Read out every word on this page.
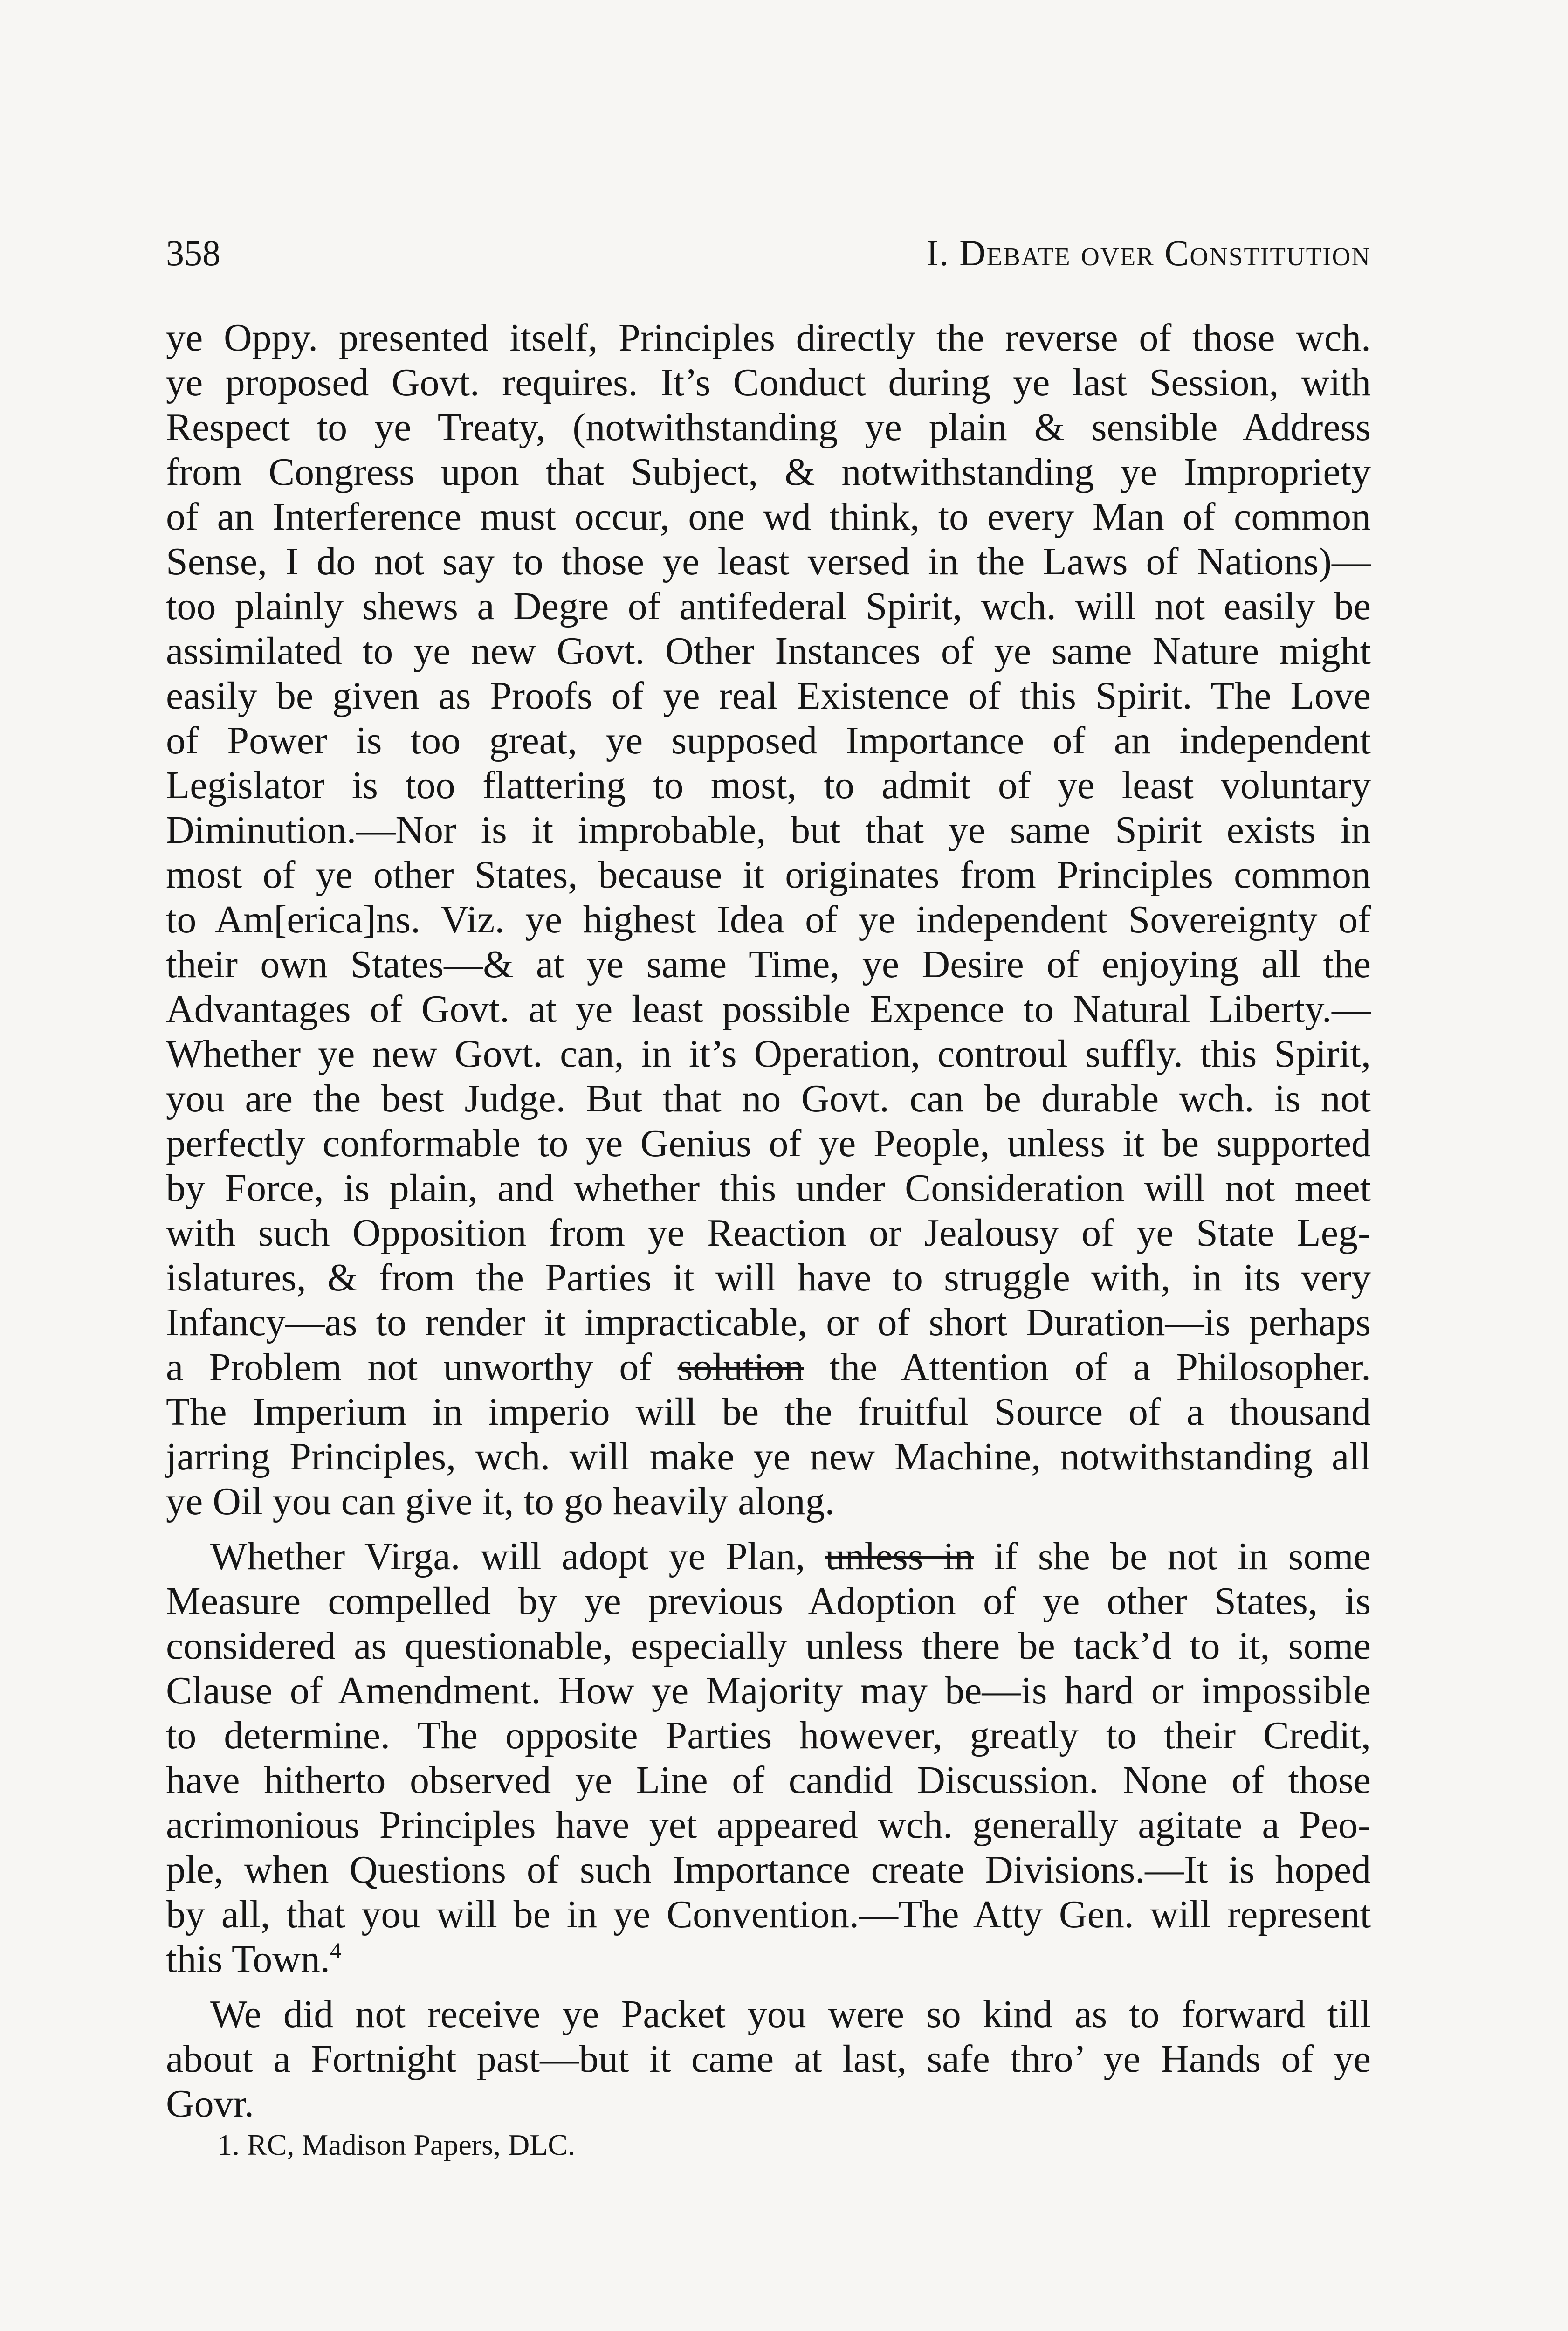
358	I. Debate over Constitution
ye Oppy. presented itself, Principles directly the reverse of those wch.
ye proposed Govt. requires. It’s Conduct during ye last Session, with
Respect to ye Treaty, (notwithstanding ye plain & sensible Address
from Congress upon that Subject, & notwithstanding ye Impropriety
of an Interference must occur, one wd think, to every Man of common
Sense, I do not say to those ye least versed in the Laws of Nations)—
too plainly shews a Degre of antifederal Spirit, wch. will not easily be
assimilated to ye new Govt. Other Instances of ye same Nature might
easily be given as Proofs of ye real Existence of this Spirit. The Love
of Power is too great, ye supposed Importance of an independent
Legislator is too flattering to most, to admit of ye least voluntary
Diminution.—Nor is it improbable, but that ye same Spirit exists in
most of ye other States, because it originates from Principles common
to Am[erica]ns. Viz. ye highest Idea of ye independent Sovereignty of
their own States—& at ye same Time, ye Desire of enjoying all the
Advantages of Govt. at ye least possible Expence to Natural Liberty.—
Whether ye new Govt. can, in it’s Operation, controul suffly. this Spirit,
you are the best Judge. But that no Govt. can be durable wch. is not
perfectly conformable to ye Genius of ye People, unless it be supported
by Force, is plain, and whether this under Consideration will not meet
with such Opposition from ye Reaction or Jealousy of ye State Leg-
islatures, & from the Parties it will have to struggle with, in its very
Infancy—as to render it impracticable, or of short Duration—is perhaps
a Problem not unworthy of solution the Attention of a Philosopher.
The Imperium in imperio will be the fruitful Source of a thousand
jarring Principles, wch. will make ye new Machine, notwithstanding all
ye Oil you can give it, to go heavily along.
Whether Virga. will adopt ye Plan, unless in if she be not in some
Measure compelled by ye previous Adoption of ye other States, is
considered as questionable, especially unless there be tack’d to it, some
Clause of Amendment. How ye Majority may be—is hard or impossible
to determine. The opposite Parties however, greatly to their Credit,
have hitherto observed ye Line of candid Discussion. None of those
acrimonious Principles have yet appeared wch. generally agitate a Peo-
ple, when Questions of such Importance create Divisions.—It is hoped
by all, that you will be in ye Convention.—The Atty Gen. will represent
this Town.$^4$
We did not receive ye Packet you were so kind as to forward till
about a Fortnight past—but it came at last, safe thro’ ye Hands of ye
Govr.
1. RC, Madison Papers, DLC.
